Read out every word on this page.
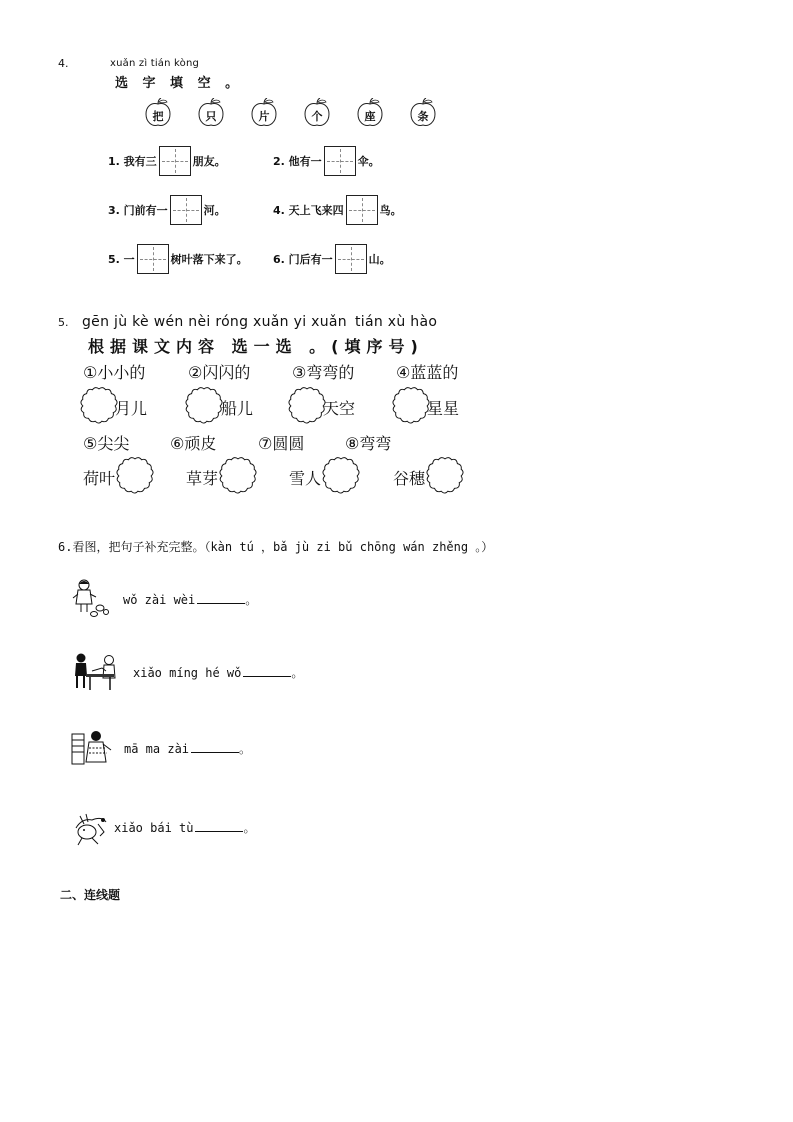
4.	xuǎn zì tián kòng
选 字 填 空 。
把	只	片	个	座	条
1. 我有三	朋友。	2. 他有一	伞。
3. 门前有一	河。	4. 天上飞来四	鸟。
5. 一	树叶落下来了。 6. 门后有一	山。
5. gēn jù kè wén nèi róng xuǎn yi xuǎn tián xù hào
根据课文内容 选一选 。(填序号)
①小小的	②闪闪的	③弯弯的	④蓝蓝的
月儿	船儿	天空	星星
⑤尖尖	⑥顽皮	⑦圆圆	⑧弯弯
荷叶	草芽	雪人	谷穗
6.看图，把句子补充完整。（kàn tú ，bǎ jù zi bǔ chōng wán zhěng 。）
wǒ zài wèi	。
xiǎo míng hé wǒ	。
mā ma zài	。
xiǎo bái tù	。
二、连线题
